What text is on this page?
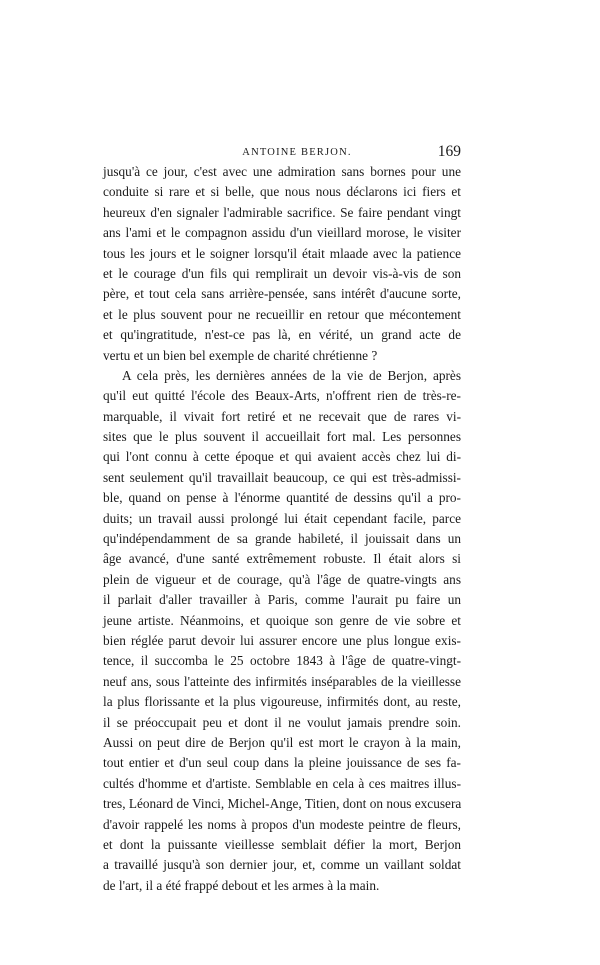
ANTOINE BERJON.	169
jusqu'à ce jour, c'est avec une admiration sans bornes pour une
conduite si rare et si belle, que nous nous déclarons ici fiers et
heureux d'en signaler l'admirable sacrifice. Se faire pendant vingt
ans l'ami et le compagnon assidu d'un vieillard morose, le visiter
tous les jours et le soigner lorsqu'il était mlaade avec la patience
et le courage d'un fils qui remplirait un devoir vis-à-vis de son
père, et tout cela sans arrière-pensée, sans intérêt d'aucune sorte,
et le plus souvent pour ne recueillir en retour que mécontement
et qu'ingratitude, n'est-ce pas là, en vérité, un grand acte de
vertu et un bien bel exemple de charité chrétienne ?
A cela près, les dernières années de la vie de Berjon, après
qu'il eut quitté l'école des Beaux-Arts, n'offrent rien de très-re-
marquable, il vivait fort retiré et ne recevait que de rares vi-
sites que le plus souvent il accueillait fort mal. Les personnes
qui l'ont connu à cette époque et qui avaient accès chez lui di-
sent seulement qu'il travaillait beaucoup, ce qui est très-admissi-
ble, quand on pense à l'énorme quantité de dessins qu'il a pro-
duits; un travail aussi prolongé lui était cependant facile, parce
qu'indépendamment de sa grande habileté, il jouissait dans un
âge avancé, d'une santé extrêmement robuste. Il était alors si
plein de vigueur et de courage, qu'à l'âge de quatre-vingts ans
il parlait d'aller travailler à Paris, comme l'aurait pu faire un
jeune artiste. Néanmoins, et quoique son genre de vie sobre et
bien réglée parut devoir lui assurer encore une plus longue exis-
tence, il succomba le 25 octobre 1843 à l'âge de quatre-vingt-
neuf ans, sous l'atteinte des infirmités inséparables de la vieillesse
la plus florissante et la plus vigoureuse, infirmités dont, au reste,
il se préoccupait peu et dont il ne voulut jamais prendre soin.
Aussi on peut dire de Berjon qu'il est mort le crayon à la main,
tout entier et d'un seul coup dans la pleine jouissance de ses fa-
cultés d'homme et d'artiste. Semblable en cela à ces maitres illus-
tres, Léonard de Vinci, Michel-Ange, Titien, dont on nous excusera
d'avoir rappelé les noms à propos d'un modeste peintre de fleurs,
et dont la puissante vieillesse semblait défier la mort, Berjon
a travaillé jusqu'à son dernier jour, et, comme un vaillant soldat
de l'art, il a été frappé debout et les armes à la main.
